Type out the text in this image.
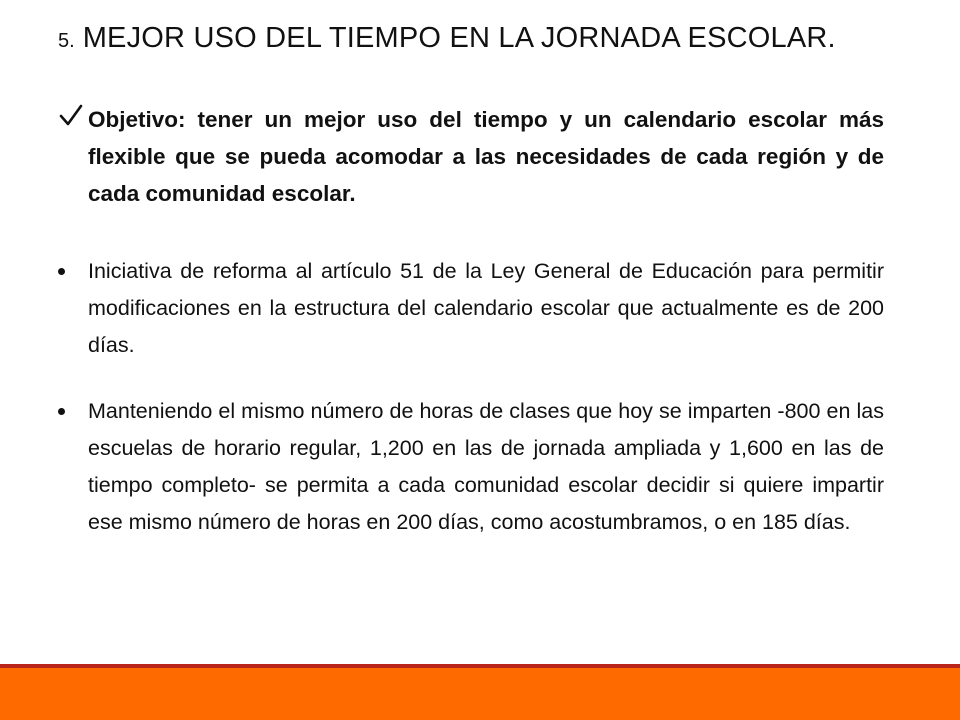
5. MEJOR USO DEL TIEMPO EN LA JORNADA ESCOLAR.
Objetivo: tener un mejor uso del tiempo y un calendario escolar más flexible que se pueda acomodar a las necesidades de cada región y de cada comunidad escolar.
Iniciativa de reforma al artículo 51 de la Ley General de Educación para permitir modificaciones en la estructura del calendario escolar que actualmente es de 200 días.
Manteniendo el mismo número de horas de clases que hoy se imparten -800 en las escuelas de horario regular, 1,200 en las de jornada ampliada y 1,600 en las de tiempo completo- se permita a cada comunidad escolar decidir si quiere impartir ese mismo número de horas en 200 días, como acostumbramos, o en 185 días.
